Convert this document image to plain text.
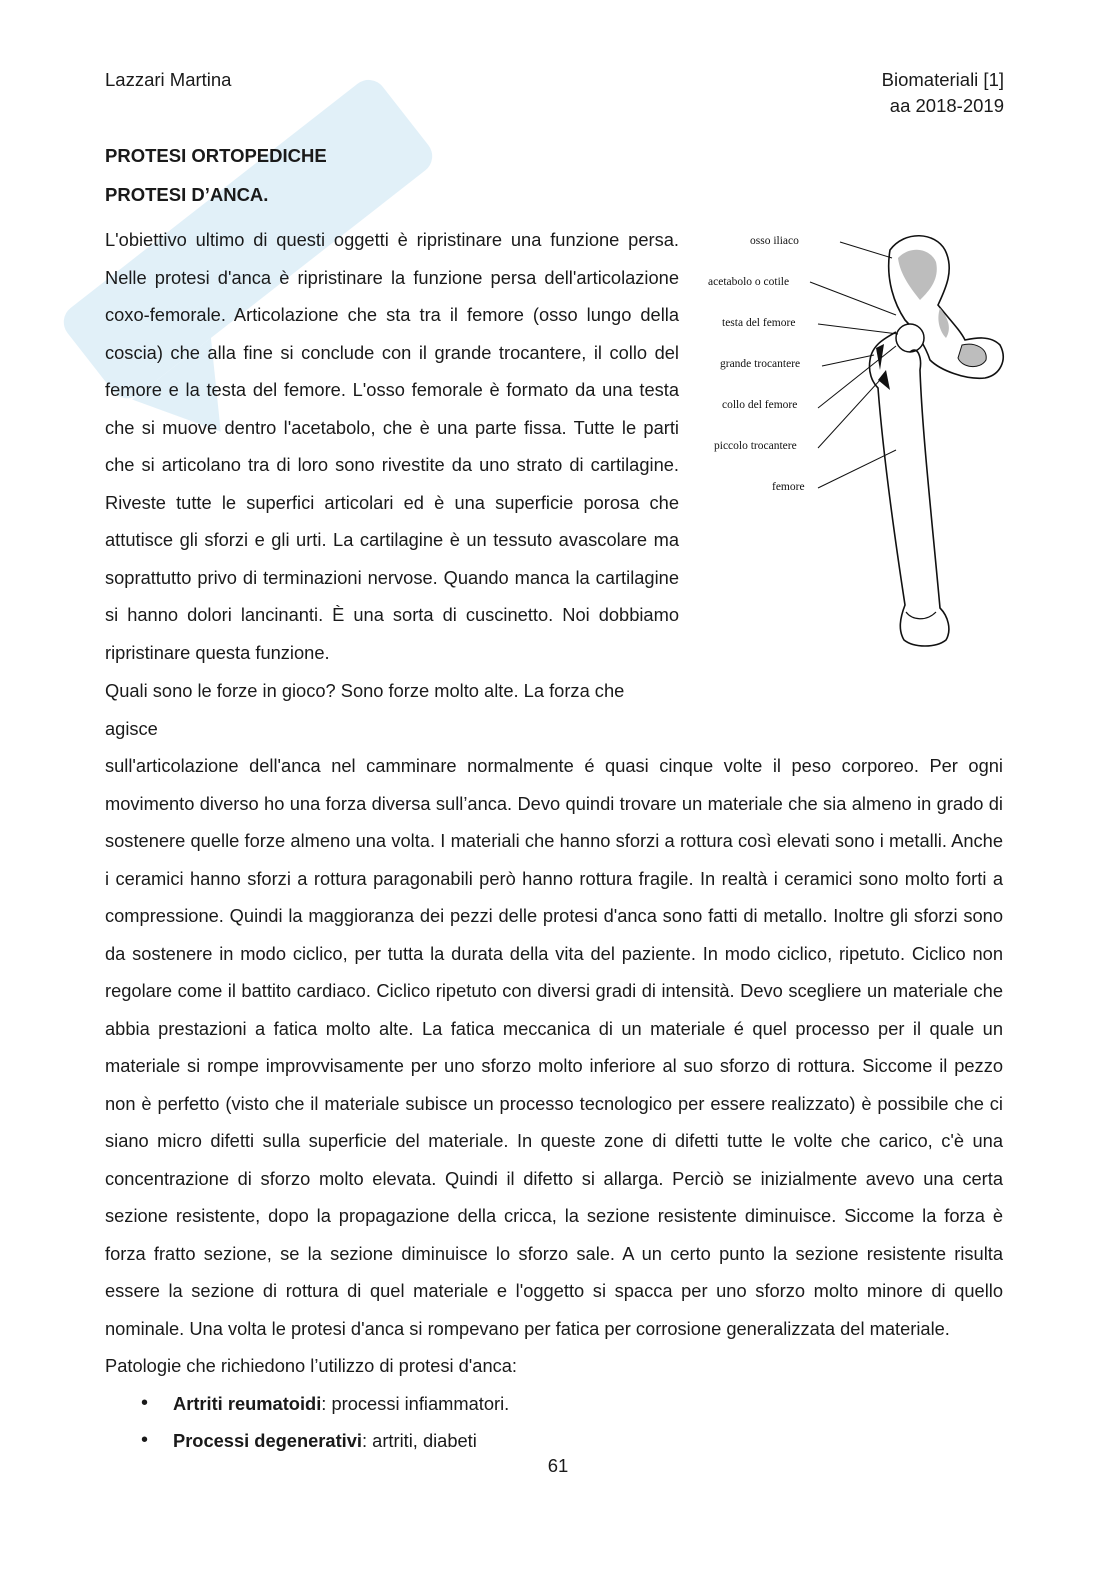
Lazzari Martina	Biomateriali [1]
aa 2018-2019
PROTESI ORTOPEDICHE
PROTESI D’ANCA.

L'obiettivo ultimo di questi oggetti è ripristinare una funzione persa. Nelle protesi d'anca è ripristinare la funzione persa dell'articolazione coxo-femorale. Articolazione che sta tra il femore (osso lungo della coscia) che alla fine si conclude con il grande trocantere, il collo del femore e la testa del femore. L'osso femorale è formato da una testa che si muove dentro l'acetabolo, che è una parte fissa. Tutte le parti che si articolano tra di loro sono rivestite da uno strato di cartilagine. Riveste tutte le superfici articolari ed è una superficie porosa che attutisce gli sforzi e gli urti. La cartilagine è un tessuto avascolare ma soprattutto privo di terminazioni nervose. Quando manca la cartilagine si hanno dolori lancinanti. È una sorta di cuscinetto. Noi dobbiamo ripristinare questa funzione.

osso iliaco
acetabolo o cotile
testa del femore
grande trocantere
collo del femore
piccolo trocantere
femore
Quali sono le forze in gioco? Sono forze molto alte. La forza che agisce

sull'articolazione dell'anca nel camminare normalmente é quasi cinque volte il peso corporeo. Per ogni movimento diverso ho una forza diversa sull’anca. Devo quindi trovare un materiale che sia almeno in grado di sostenere quelle forze almeno una volta. I materiali che hanno sforzi a rottura così elevati sono i metalli. Anche i ceramici hanno sforzi a rottura paragonabili però hanno rottura fragile. In realtà i ceramici sono molto forti a compressione. Quindi la maggioranza dei pezzi delle protesi d'anca sono fatti di metallo. Inoltre gli sforzi sono da sostenere in modo ciclico, per tutta la durata della vita del paziente. In modo ciclico, ripetuto. Ciclico non regolare come il battito cardiaco. Ciclico ripetuto con diversi gradi di intensità. Devo scegliere un materiale che abbia prestazioni a fatica molto alte. La fatica meccanica di un materiale é quel processo per il quale un materiale si rompe improvvisamente per uno sforzo molto inferiore al suo sforzo di rottura. Siccome il pezzo non è perfetto (visto che il materiale subisce un processo tecnologico per essere realizzato) è possibile che ci siano micro difetti sulla superficie del materiale. In queste zone di difetti tutte le volte che carico, c'è una concentrazione di sforzo molto elevata. Quindi il difetto si allarga. Perciò se inizialmente avevo una certa sezione resistente, dopo la propagazione della cricca, la sezione resistente diminuisce. Siccome la forza è forza fratto sezione, se la sezione diminuisce lo sforzo sale. A un certo punto la sezione resistente risulta essere la sezione di rottura di quel materiale e l'oggetto si spacca per uno sforzo molto minore di quello nominale. Una volta le protesi d'anca si rompevano per fatica per corrosione generalizzata del materiale.

Patologie che richiedono l’utilizzo di protesi d'anca:

• Artriti reumatoidi: processi infiammatori.
• Processi degenerativi: artriti, diabeti
61
